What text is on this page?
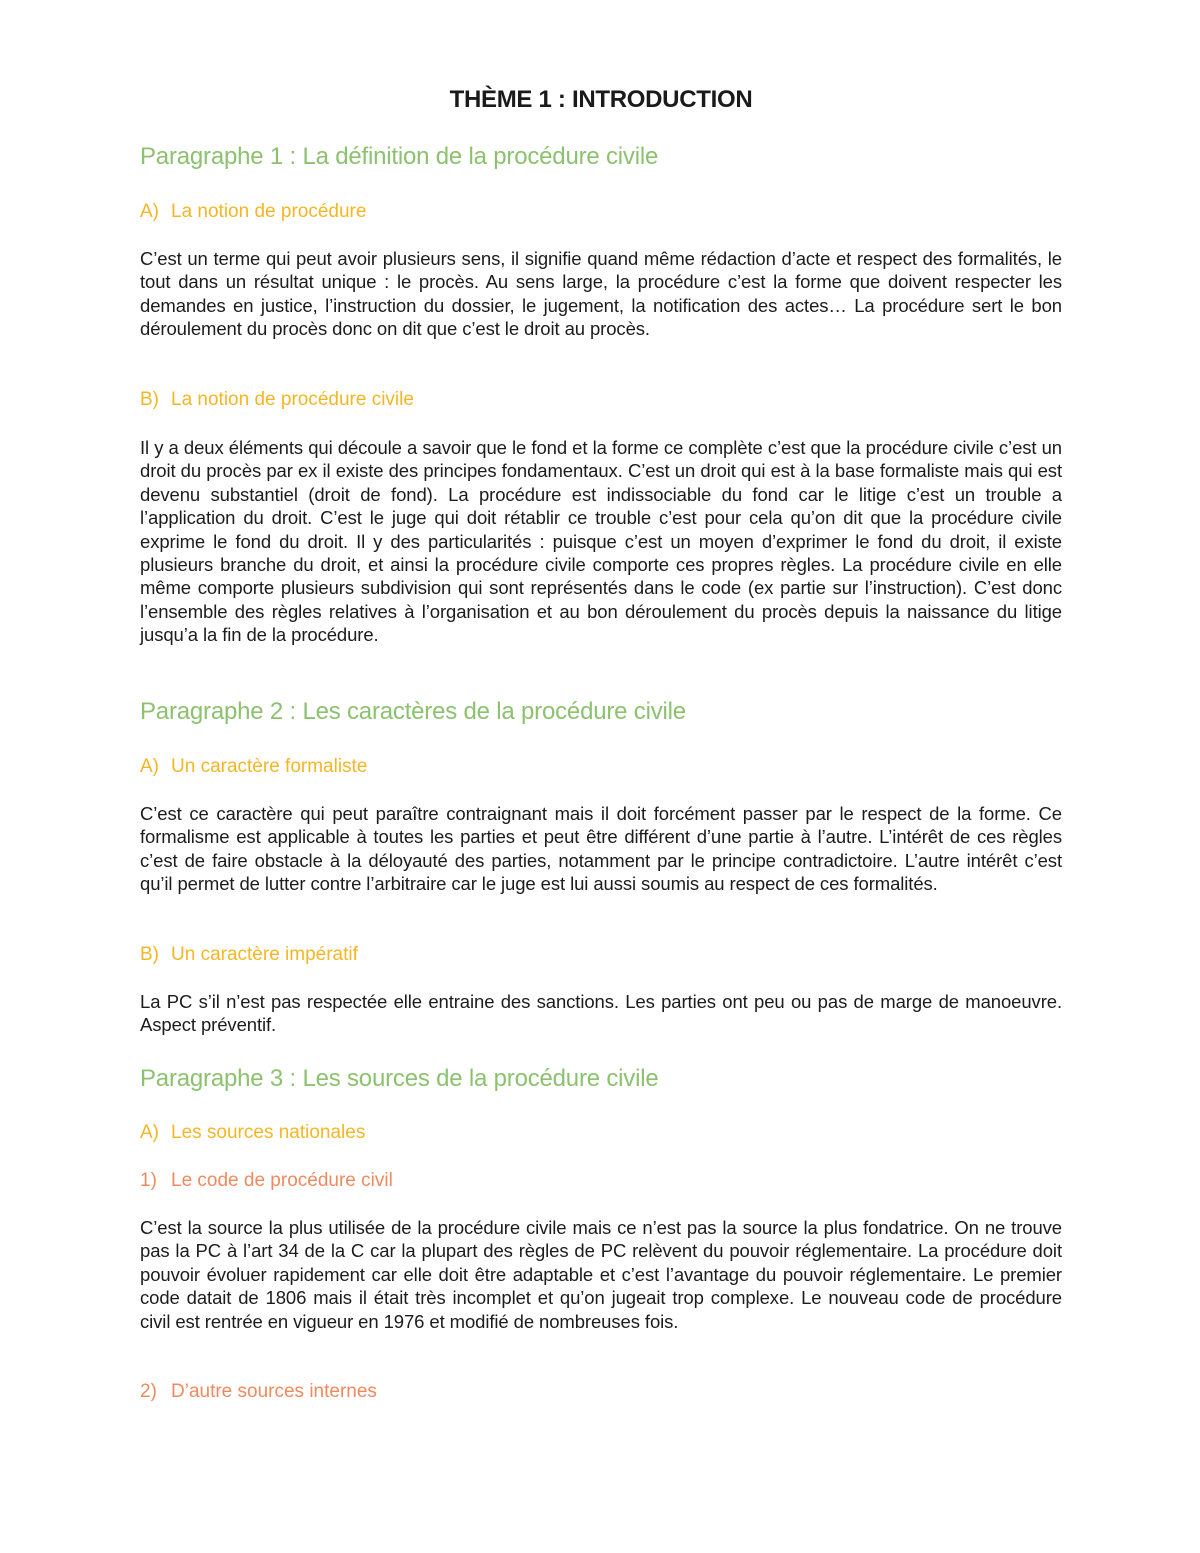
THÈME 1 : INTRODUCTION
Paragraphe 1 : La définition de la procédure civile
A) La notion de procédure

C’est un terme qui peut avoir plusieurs sens, il signifie quand même rédaction d’acte et respect des formalités, le tout dans un résultat unique : le procès. Au sens large, la procédure c’est la forme que doivent respecter les demandes en justice, l’instruction du dossier, le jugement, la notification des actes… La procédure sert le bon déroulement du procès donc on dit que c’est le droit au procès.

B) La notion de procédure civile

Il y a deux éléments qui découle a savoir que le fond et la forme ce complète c’est que la procédure civile c’est un droit du procès par ex il existe des principes fondamentaux. C’est un droit qui est à la base formaliste mais qui est devenu substantiel (droit de fond). La procédure est indissociable du fond car le litige c’est un trouble a l’application du droit. C’est le juge qui doit rétablir ce trouble c’est pour cela qu’on dit que la procédure civile exprime le fond du droit. Il y des particularités : puisque c’est un moyen d’exprimer le fond du droit, il existe plusieurs branche du droit, et ainsi la procédure civile comporte ces propres règles. La procédure civile en elle même comporte plusieurs subdivision qui sont représentés dans le code (ex partie sur l’instruction). C’est donc l’ensemble des règles relatives à l’organisation et au bon déroulement du procès depuis la naissance du litige jusqu’a la fin de la procédure.

Paragraphe 2 : Les caractères de la procédure civile
A) Un caractère formaliste

C’est ce caractère qui peut paraître contraignant mais il doit forcément passer par le respect de la forme. Ce formalisme est applicable à toutes les parties et peut être différent d’une partie à l’autre. L’intérêt de ces règles c’est de faire obstacle à la déloyauté des parties, notamment par le principe contradictoire. L’autre intérêt c’est qu’il permet de lutter contre l’arbitraire car le juge est lui aussi soumis au respect de ces formalités.

B) Un caractère impératif

La PC s’il n’est pas respectée elle entraine des sanctions. Les parties ont peu ou pas de marge de manoeuvre. Aspect préventif.

Paragraphe 3 : Les sources de la procédure civile
A) Les sources nationales
1) Le code de procédure civil

C’est la source la plus utilisée de la procédure civile mais ce n’est pas la source la plus fondatrice. On ne trouve pas la PC à l’art 34 de la C car la plupart des règles de PC relèvent du pouvoir réglementaire. La procédure doit pouvoir évoluer rapidement car elle doit être adaptable et c’est l’avantage du pouvoir réglementaire. Le premier code datait de 1806 mais il était très incomplet et qu’on jugeait trop complexe. Le nouveau code de procédure civil est rentrée en vigueur en 1976 et modifié de nombreuses fois.

2) D’autre sources internes
